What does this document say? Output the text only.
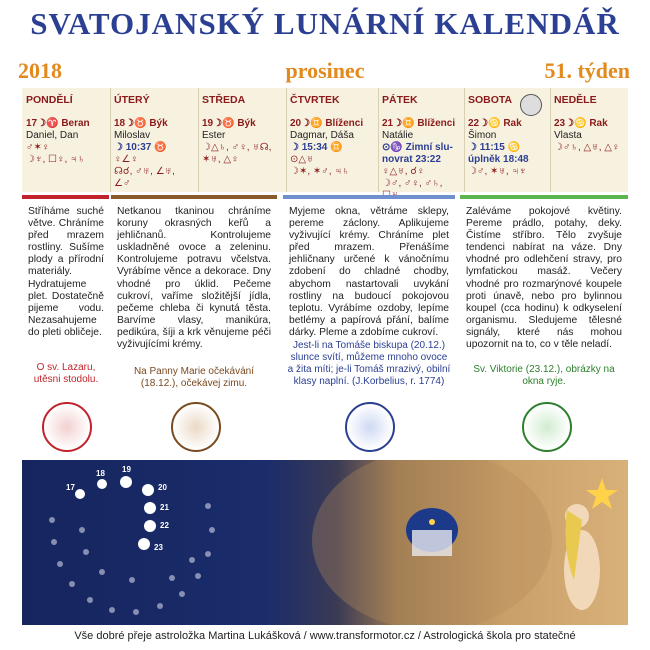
SVATOJANSKÝ LUNÁRNÍ KALENDÁŘ
2018	prosinec	51. týden
PONDĚLÍ
17☽♈ Beran
Daniel, Dan
♂✶♀
☽♆, ☐♀, ♃♄
ÚTERÝ
18☽♉ Býk
Miloslav
☽ 10:37 ♉
♀∠♀
☊☌, ♂♅, ∠♅,
∠♂
STŘEDA
19☽♉ Býk
Ester
☽△♄, ♂♀, ♅☊,
✶♅, △♀
ČTVRTEK
20☽♊ Blíženci
Dagmar, Dáša
☽ 15:34 ♊
⊙△♅
☽✶, ✶♂, ♃♄
PÁTEK
21☽♊ Blíženci
Natálie
⊙♑ Zimní slu-
novrat 23:22
♀△♅, ☌♀
☽♂, ♂♀, ♂♄,
SOBOTA
22☽♋ Rak
Šimon
☽ 11:15 ♋
úplněk 18:48
☽♂, ✶♅, ♃♆
NEDĚLE
23☽♋ Rak
Vlasta
☽♂♄, △♅, △♀
Stříháme suché větve. Chráníme před mrazem rostliny. Sušíme plody a přírodní materiály. Hydratujeme plet. Dostatečně pijeme vodu. Nezasahujeme do pleti obličeje.
O sv. Lazaru, utěsni stodolu.
Netkanou tkaninou chráníme koruny okrasných keřů a jehličnanů. Kontrolujeme uskladněné ovoce a zeleninu. Kontrolujeme potravu včelstva. Vyrábíme věnce a dekorace. Dny vhodné pro úklid. Pečeme cukroví, vaříme složitější jídla, pečeme chleba či kynutá těsta. Barvíme vlasy, manikúra, pedikúra, šíji a krk věnujeme péči vyživujícími krémy.
Na Panny Marie očekávání (18.12.), očekávej zimu.
Myjeme okna, větráme sklepy, pereme záclony. Aplikujeme vyživující krémy. Chráníme plet před mrazem. Přenášíme jehličnany určené k vánočnímu zdobení do chladné chodby, abychom nastartovali uvykání rostliny na budoucí pokojovou teplotu. Vyrábíme ozdoby, lepíme betlémy a papírová přání, balíme dárky. Pleme a zdobíme cukroví.
Jest-li na Tomáše biskupa (20.12.) slunce svítí, můžeme mnoho ovoce a žita míti; je-li Tomáš mrazivý, obilní klasy naplní. (J.Korbelius, r. 1774)
Zaléváme pokojové květiny. Pereme prádlo, potahy, deky. Čistíme stříbro. Tělo zvyšuje tendenci nabírat na váze. Dny vhodné pro odlehčení stravy, pro lymfatickou masáž. Večery vhodné pro rozmarýnové koupele proti únavě, nebo pro bylinnou koupel (cca hodinu) k odkyselení organismu. Sledujeme tělesné signály, které nás mohou upozornit na to, co v těle neladí.
Sv. Viktorie (23.12.), obrázky na okna ryje.
17
18 19
20
21
22
23
Vše dobré přeje astroložka Martina Lukášková / www.transformotor.cz / Astrologická škola pro statečné
